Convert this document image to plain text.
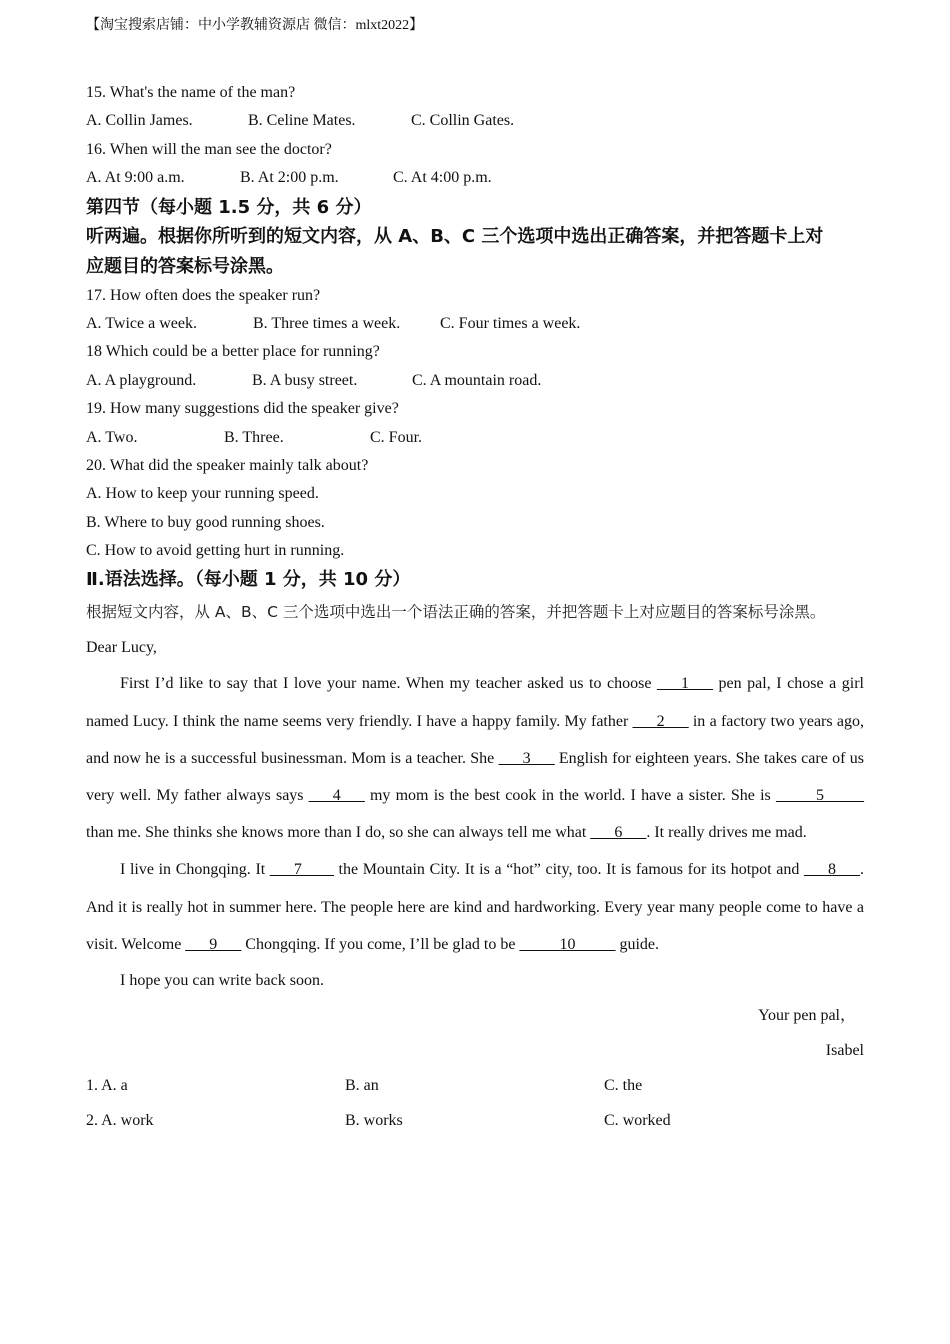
【淘宝搜索店铺：中小学教辅资源店 微信：mlxt2022】
15. What's the name of the man?
A. Collin James.	B. Celine Mates.	C. Collin Gates.
16. When will the man see the doctor?
A. At 9:00 a.m.	B. At 2:00 p.m.	C. At 4:00 p.m.
第四节（每小题 1.5 分，共 6 分）
听两遍。根据你所听到的短文内容，从 A、B、C 三个选项中选出正确答案，并把答题卡上对
应题目的答案标号涂黑。
17. How often does the speaker run?
A. Twice a week.	B. Three times a week.	C. Four times a week.
18 Which could be a better place for running?
A. A playground.	B. A busy street.	C. A mountain road.
19. How many suggestions did the speaker give?
A. Two.	B. Three.	C. Four.
20. What did the speaker mainly talk about?
A. How to keep your running speed.
B. Where to buy good running shoes.
C. How to avoid getting hurt in running.
Ⅱ.语法选择。（每小题 1 分，共 10 分）
根据短文内容，从 A、B、C 三个选项中选出一个语法正确的答案，并把答题卡上对应题目的答案标号涂黑。
Dear Lucy,
First I’d like to say that I love your name. When my teacher asked us to choose ___1___ pen pal, I chose a girl named Lucy. I think the name seems very friendly. I have a happy family. My father ___2___ in a factory two years ago, and now he is a successful businessman. Mom is a teacher. She ___3___ English for eighteen years. She takes care of us very well. My father always says ___4___ my mom is the best cook in the world. I have a sister. She is _____5_____ than me. She thinks she knows more than I do, so she can always tell me what ___6___. It really drives me mad.
I live in Chongqing. It ___7____ the Mountain City. It is a “hot” city, too. It is famous for its hotpot and ___8___. And it is really hot in summer here. The people here are kind and hardworking. Every year many people come to have a visit. Welcome ___9___ Chongqing. If you come, I’ll be glad to be _____10_____ guide.
I hope you can write back soon.
Your pen pal，
Isabel
1. A. a	B. an	C. the
2. A. work	B. works	C. worked
